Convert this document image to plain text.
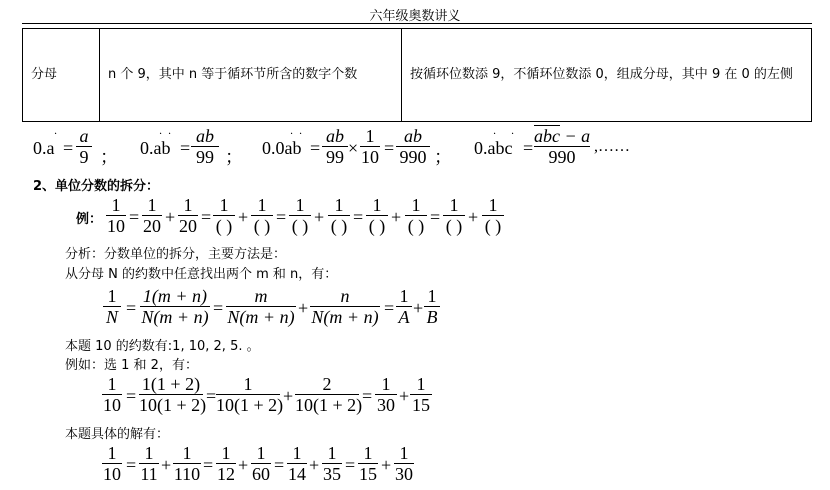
六年级奥数讲义
分母	n 个 9，其中 n 等于循环节所含的数字个数	按循环位数添 9，不循环位数添 0，组成分母，其中 9 在 0 的左侧
0.a
·
=
a
9 ； 0.ab
· ·
=
ab
99 ； 0.0ab
· ·
=
ab
99 ×
1
10 =
ab
990 ； 0.abc
· ·
=
abc − a
990
,……
2、单位分数的拆分：
例：
1
10 =
1
20 +
1
20 =
1
( ) +
1
( ) =
1
( ) +
1
( ) =
1
( ) +
1
( ) =
1
( ) +
1
( )
分析：分数单位的拆分，主要方法是：
从分母 N 的约数中任意找出两个 m 和 n，有：
1
N =
1(m + n)
N(m + n) =
m
N(m + n) +
n
N(m + n) =
1
A +
1
B
本题 10 的约数有:1, 10, 2, 5. 。
例如：选 1 和 2，有：
1
10 =
1(1 + 2)
10(1 + 2) =
1
10(1 + 2) +
2
10(1 + 2) =
1
30 +
1
15
本题具体的解有：
1
10 =
1
11 +
1
110 =
1
12 +
1
60 =
1
14 +
1
35 =
1
15 +
1
30
